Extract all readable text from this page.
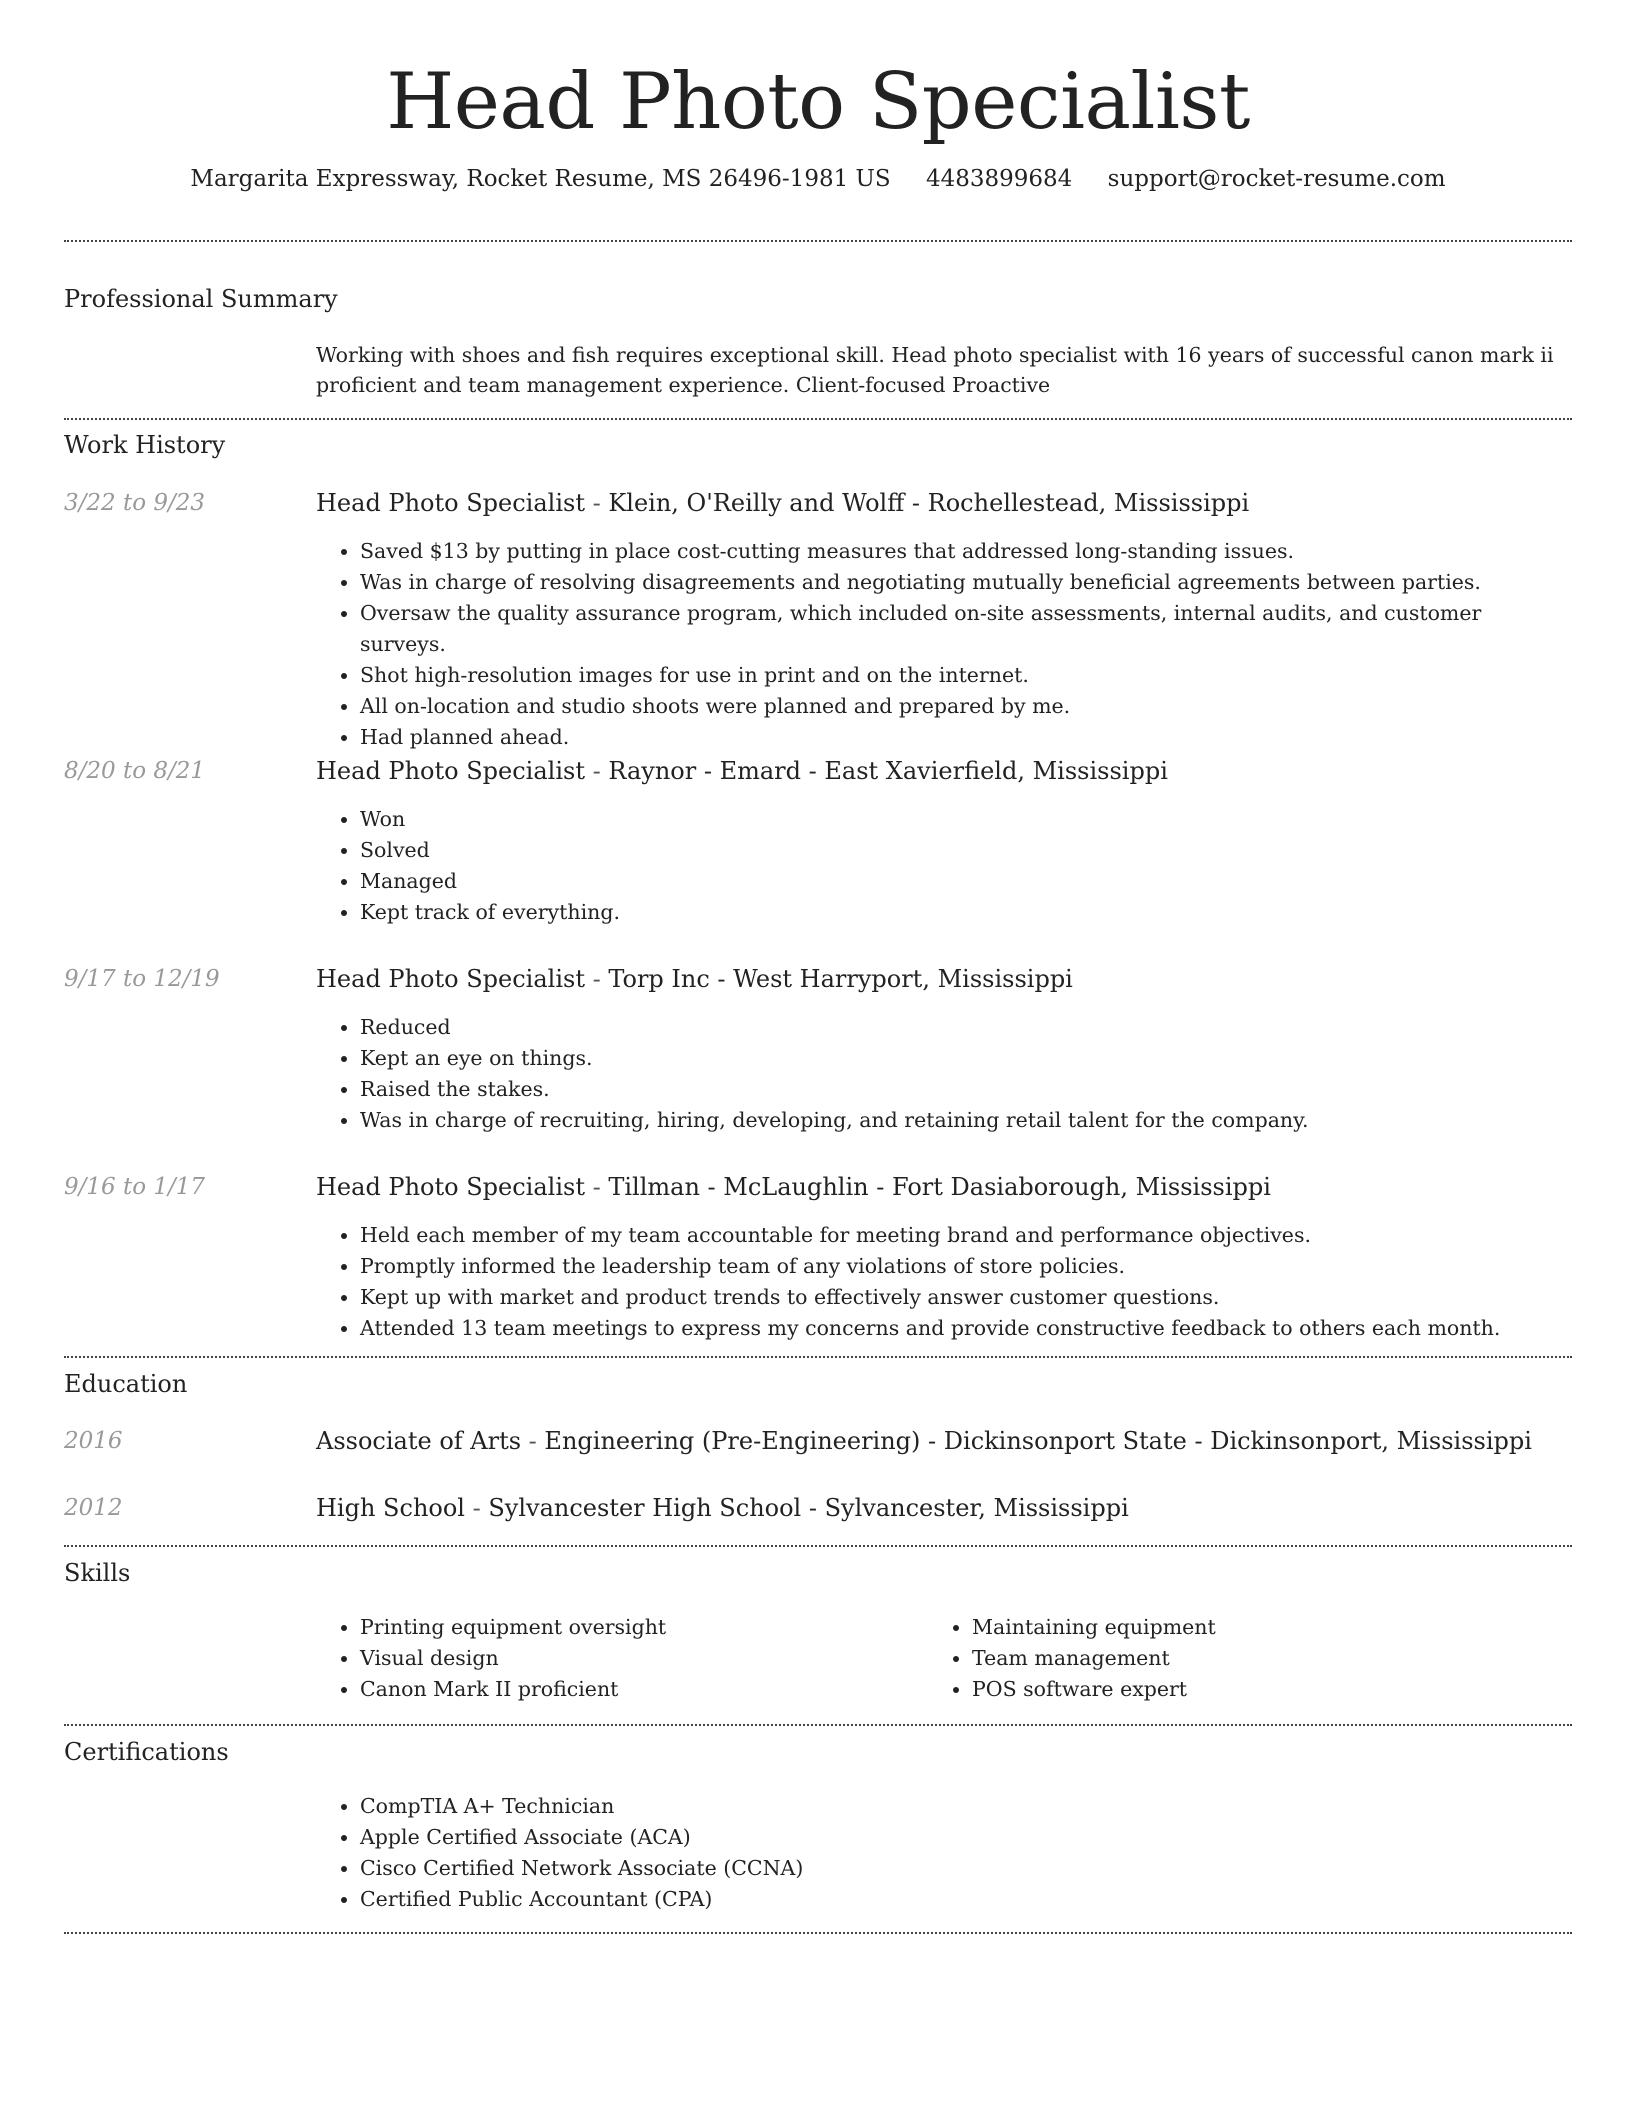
Head Photo Specialist
Margarita Expressway, Rocket Resume, MS 26496-1981 US 4483899684 support@rocket-resume.com
Professional Summary
Working with shoes and fish requires exceptional skill. Head photo specialist with 16 years of successful canon mark ii proficient and team management experience. Client-focused Proactive
Work History
3/22 to 9/23	Head Photo Specialist - Klein, O'Reilly and Wolff - Rochellestead, Mississippi
• Saved $13 by putting in place cost-cutting measures that addressed long-standing issues.
• Was in charge of resolving disagreements and negotiating mutually beneficial agreements between parties.
• Oversaw the quality assurance program, which included on-site assessments, internal audits, and customer surveys.
• Shot high-resolution images for use in print and on the internet.
• All on-location and studio shoots were planned and prepared by me.
• Had planned ahead.
8/20 to 8/21	Head Photo Specialist - Raynor - Emard - East Xavierfield, Mississippi
• Won
• Solved
• Managed
• Kept track of everything.
9/17 to 12/19	Head Photo Specialist - Torp Inc - West Harryport, Mississippi
• Reduced
• Kept an eye on things.
• Raised the stakes.
• Was in charge of recruiting, hiring, developing, and retaining retail talent for the company.
9/16 to 1/17	Head Photo Specialist - Tillman - McLaughlin - Fort Dasiaborough, Mississippi
• Held each member of my team accountable for meeting brand and performance objectives.
• Promptly informed the leadership team of any violations of store policies.
• Kept up with market and product trends to effectively answer customer questions.
• Attended 13 team meetings to express my concerns and provide constructive feedback to others each month.
Education
2016	Associate of Arts - Engineering (Pre-Engineering) - Dickinsonport State - Dickinsonport, Mississippi
2012	High School - Sylvancester High School - Sylvancester, Mississippi
Skills
• Printing equipment oversight
• Visual design
• Canon Mark II proficient
• Maintaining equipment
• Team management
• POS software expert
Certifications
• CompTIA A+ Technician
• Apple Certified Associate (ACA)
• Cisco Certified Network Associate (CCNA)
• Certified Public Accountant (CPA)
